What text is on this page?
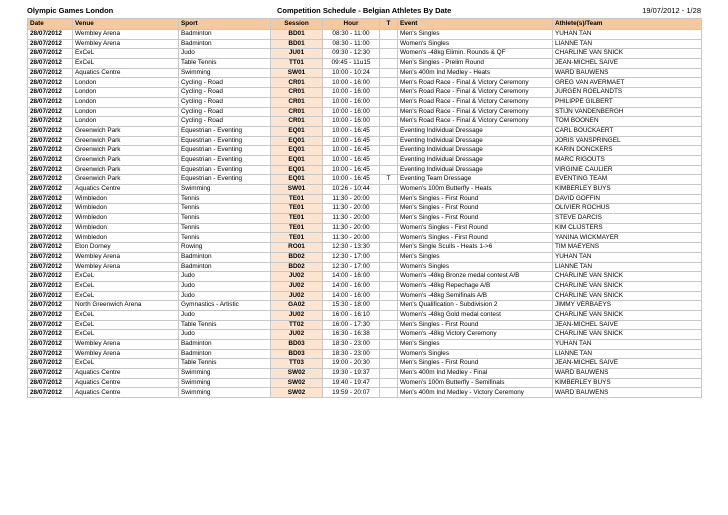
Olympic Games London	Competition Schedule - Belgian Athletes By Date	19/07/2012 - 1/28
Date	Venue	Sport	Session	Hour	T	Event	Athlete(s)/Team
28/07/2012	Wembley Arena	Badminton	BD01	08:30 - 11:00		Men's Singles	YUHAN TAN
28/07/2012	Wembley Arena	Badminton	BD01	08:30 - 11:00		Women's Singles	LIANNE TAN
28/07/2012	ExCeL	Judo	JU01	09:30 - 12:30		Women's -48kg Elimin. Rounds & QF	CHARLINE VAN SNICK
28/07/2012	ExCeL	Table Tennis	TT01	09:45 - 11u15		Men's Singles - Prelim Round	JEAN-MICHEL SAIVE
28/07/2012	Aquatics Centre	Swimming	SW01	10:00 - 10:24		Men's 400m Ind Medley - Heats	WARD BAUWENS
28/07/2012	London	Cycling - Road	CR01	10:00 - 16:00		Men's Road Race - Final & Victory Ceremony	GREG VAN AVERMAET
28/07/2012	London	Cycling - Road	CR01	10:00 - 16:00		Men's Road Race - Final & Victory Ceremony	JURGEN ROELANDTS
28/07/2012	London	Cycling - Road	CR01	10:00 - 16:00		Men's Road Race - Final & Victory Ceremony	PHILIPPE GILBERT
28/07/2012	London	Cycling - Road	CR01	10:00 - 16:00		Men's Road Race - Final & Victory Ceremony	STIJN VANDENBERGH
28/07/2012	London	Cycling - Road	CR01	10:00 - 16:00		Men's Road Race - Final & Victory Ceremony	TOM BOONEN
28/07/2012	Greenwich Park	Equestrian - Eventing	EQ01	10:00 - 16:45		Eventing Individual Dressage	CARL BOUCKAERT
28/07/2012	Greenwich Park	Equestrian - Eventing	EQ01	10:00 - 16:45		Eventing Individual Dressage	JORIS VANSPRINGEL
28/07/2012	Greenwich Park	Equestrian - Eventing	EQ01	10:00 - 16:45		Eventing Individual Dressage	KARIN DONCKERS
28/07/2012	Greenwich Park	Equestrian - Eventing	EQ01	10:00 - 16:45		Eventing Individual Dressage	MARC RIGOUTS
28/07/2012	Greenwich Park	Equestrian - Eventing	EQ01	10:00 - 16:45		Eventing Individual Dressage	VIRGINIE CAULIER
28/07/2012	Greenwich Park	Equestrian - Eventing	EQ01	10:00 - 16:45	T	Eventing Team Dressage	EVENTING TEAM
28/07/2012	Aquatics Centre	Swimming	SW01	10:26 - 10:44		Women's 100m Butterfly - Heats	KIMBERLEY BUYS
28/07/2012	Wimbledon	Tennis	TE01	11:30 - 20:00		Men's Singles - First Round	DAVID GOFFIN
28/07/2012	Wimbledon	Tennis	TE01	11:30 - 20:00		Men's Singles - First Round	OLIVIER ROCHUS
28/07/2012	Wimbledon	Tennis	TE01	11:30 - 20:00		Men's Singles - First Round	STEVE DARCIS
28/07/2012	Wimbledon	Tennis	TE01	11:30 - 20:00		Women's Singles - First Round	KIM CLIJSTERS
28/07/2012	Wimbledon	Tennis	TE01	11:30 - 20:00		Women's Singles - First Round	YANINA WICKMAYER
28/07/2012	Eton Dorney	Rowing	RO01	12:30 - 13:30		Men's Single Sculls - Heats 1->6	TIM MAEYENS
28/07/2012	Wembley Arena	Badminton	BD02	12:30 - 17:00		Men's Singles	YUHAN TAN
28/07/2012	Wembley Arena	Badminton	BD02	12:30 - 17:00		Women's Singles	LIANNE TAN
28/07/2012	ExCeL	Judo	JU02	14:00 - 16:00		Women's -48kg Bronze medal contest A/B	CHARLINE VAN SNICK
28/07/2012	ExCeL	Judo	JU02	14:00 - 16:00		Women's -48kg Repechage A/B	CHARLINE VAN SNICK
28/07/2012	ExCeL	Judo	JU02	14:00 - 16:00		Women's -48kg Semifinals A/B	CHARLINE VAN SNICK
28/07/2012	North Greenwich Arena	Gymnastics - Artistic	GA02	15:30 - 18:00		Men's Qualification - Subdivision 2	JIMMY VERBAEYS
28/07/2012	ExCeL	Judo	JU02	16:00 - 16:10		Women's -48kg Gold medal contest	CHARLINE VAN SNICK
28/07/2012	ExCeL	Table Tennis	TT02	16:00 - 17:30		Men's Singles - First Round	JEAN-MICHEL SAIVE
28/07/2012	ExCeL	Judo	JU02	16:30 - 16:38		Women's -48kg Victory Ceremony	CHARLINE VAN SNICK
28/07/2012	Wembley Arena	Badminton	BD03	18:30 - 23:00		Men's Singles	YUHAN TAN
28/07/2012	Wembley Arena	Badminton	BD03	18:30 - 23:00		Women's Singles	LIANNE TAN
28/07/2012	ExCeL	Table Tennis	TT03	19:00 - 20:30		Men's Singles - First Round	JEAN-MICHEL SAIVE
28/07/2012	Aquatics Centre	Swimming	SW02	19:30 - 19:37		Men's 400m Ind Medley - Final	WARD BAUWENS
28/07/2012	Aquatics Centre	Swimming	SW02	19:40 - 19:47		Women's 100m Butterfly - Semifinals	KIMBERLEY BUYS
28/07/2012	Aquatics Centre	Swimming	SW02	19:59 - 20:07		Men's 400m Ind Medley - Victory Ceremony	WARD BAUWENS
